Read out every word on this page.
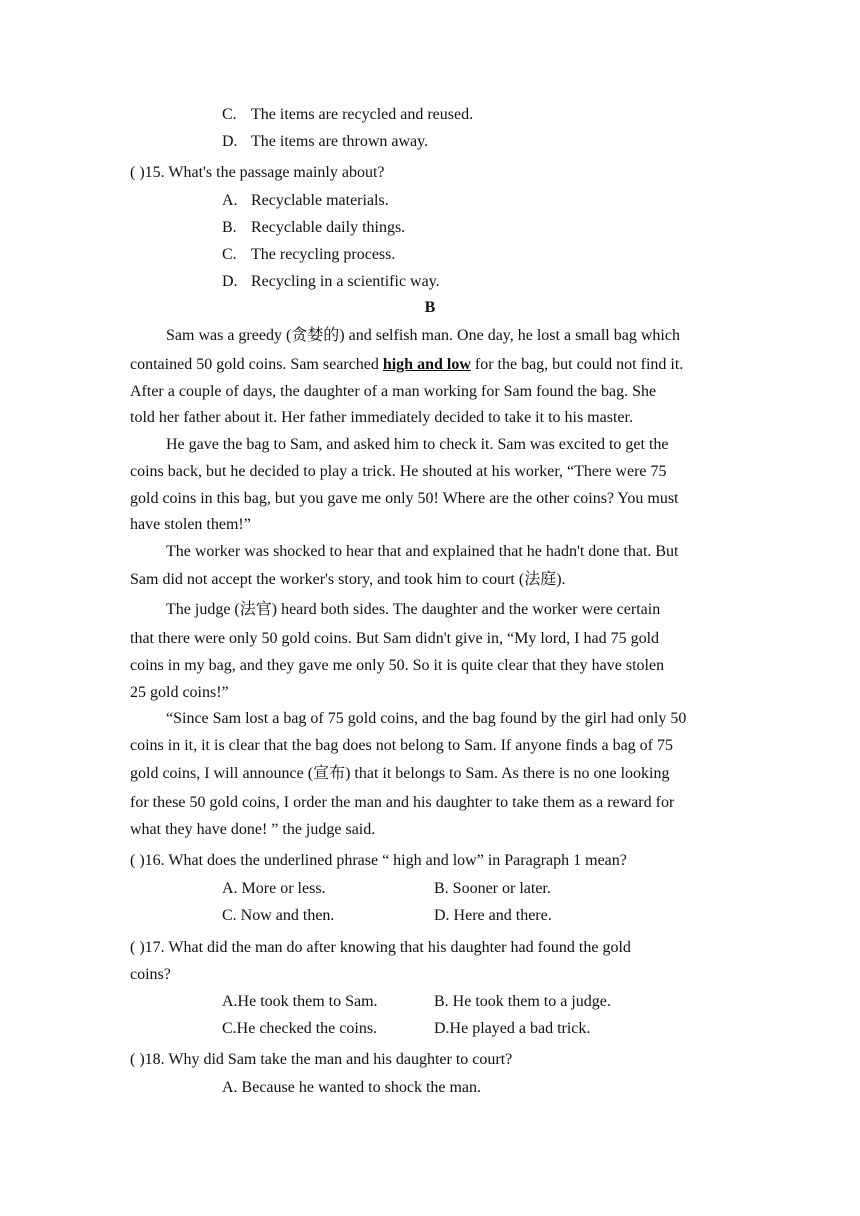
C. The items are recycled and reused.
D. The items are thrown away.
( )15. What's the passage mainly about?
A. Recyclable materials.
B. Recyclable daily things.
C. The recycling process.
D. Recycling in a scientific way.
B
Sam was a greedy (贪婪的) and selfish man. One day, he lost a small bag which
contained 50 gold coins. Sam searched high and low for the bag, but could not find it.
After a couple of days, the daughter of a man working for Sam found the bag. She
told her father about it. Her father immediately decided to take it to his master.
He gave the bag to Sam, and asked him to check it. Sam was excited to get the
coins back, but he decided to play a trick. He shouted at his worker, “There were 75
gold coins in this bag, but you gave me only 50! Where are the other coins? You must
have stolen them!”
The worker was shocked to hear that and explained that he hadn't done that. But
Sam did not accept the worker's story, and took him to court (法庭).
The judge (法官) heard both sides. The daughter and the worker were certain
that there were only 50 gold coins. But Sam didn't give in, “My lord, I had 75 gold
coins in my bag, and they gave me only 50. So it is quite clear that they have stolen
25 gold coins!”
“Since Sam lost a bag of 75 gold coins, and the bag found by the girl had only 50
coins in it, it is clear that the bag does not belong to Sam. If anyone finds a bag of 75
gold coins, I will announce (宣布) that it belongs to Sam. As there is no one looking
for these 50 gold coins, I order the man and his daughter to take them as a reward for
what they have done! ” the judge said.
( )16. What does the underlined phrase “ high and low” in Paragraph 1 mean?
A. More or less.	B. Sooner or later.
C. Now and then.	D. Here and there.
( )17. What did the man do after knowing that his daughter had found the gold
coins?
A.He took them to Sam.	B. He took them to a judge.
C.He checked the coins.	D.He played a bad trick.
( )18. Why did Sam take the man and his daughter to court?
A. Because he wanted to shock the man.
